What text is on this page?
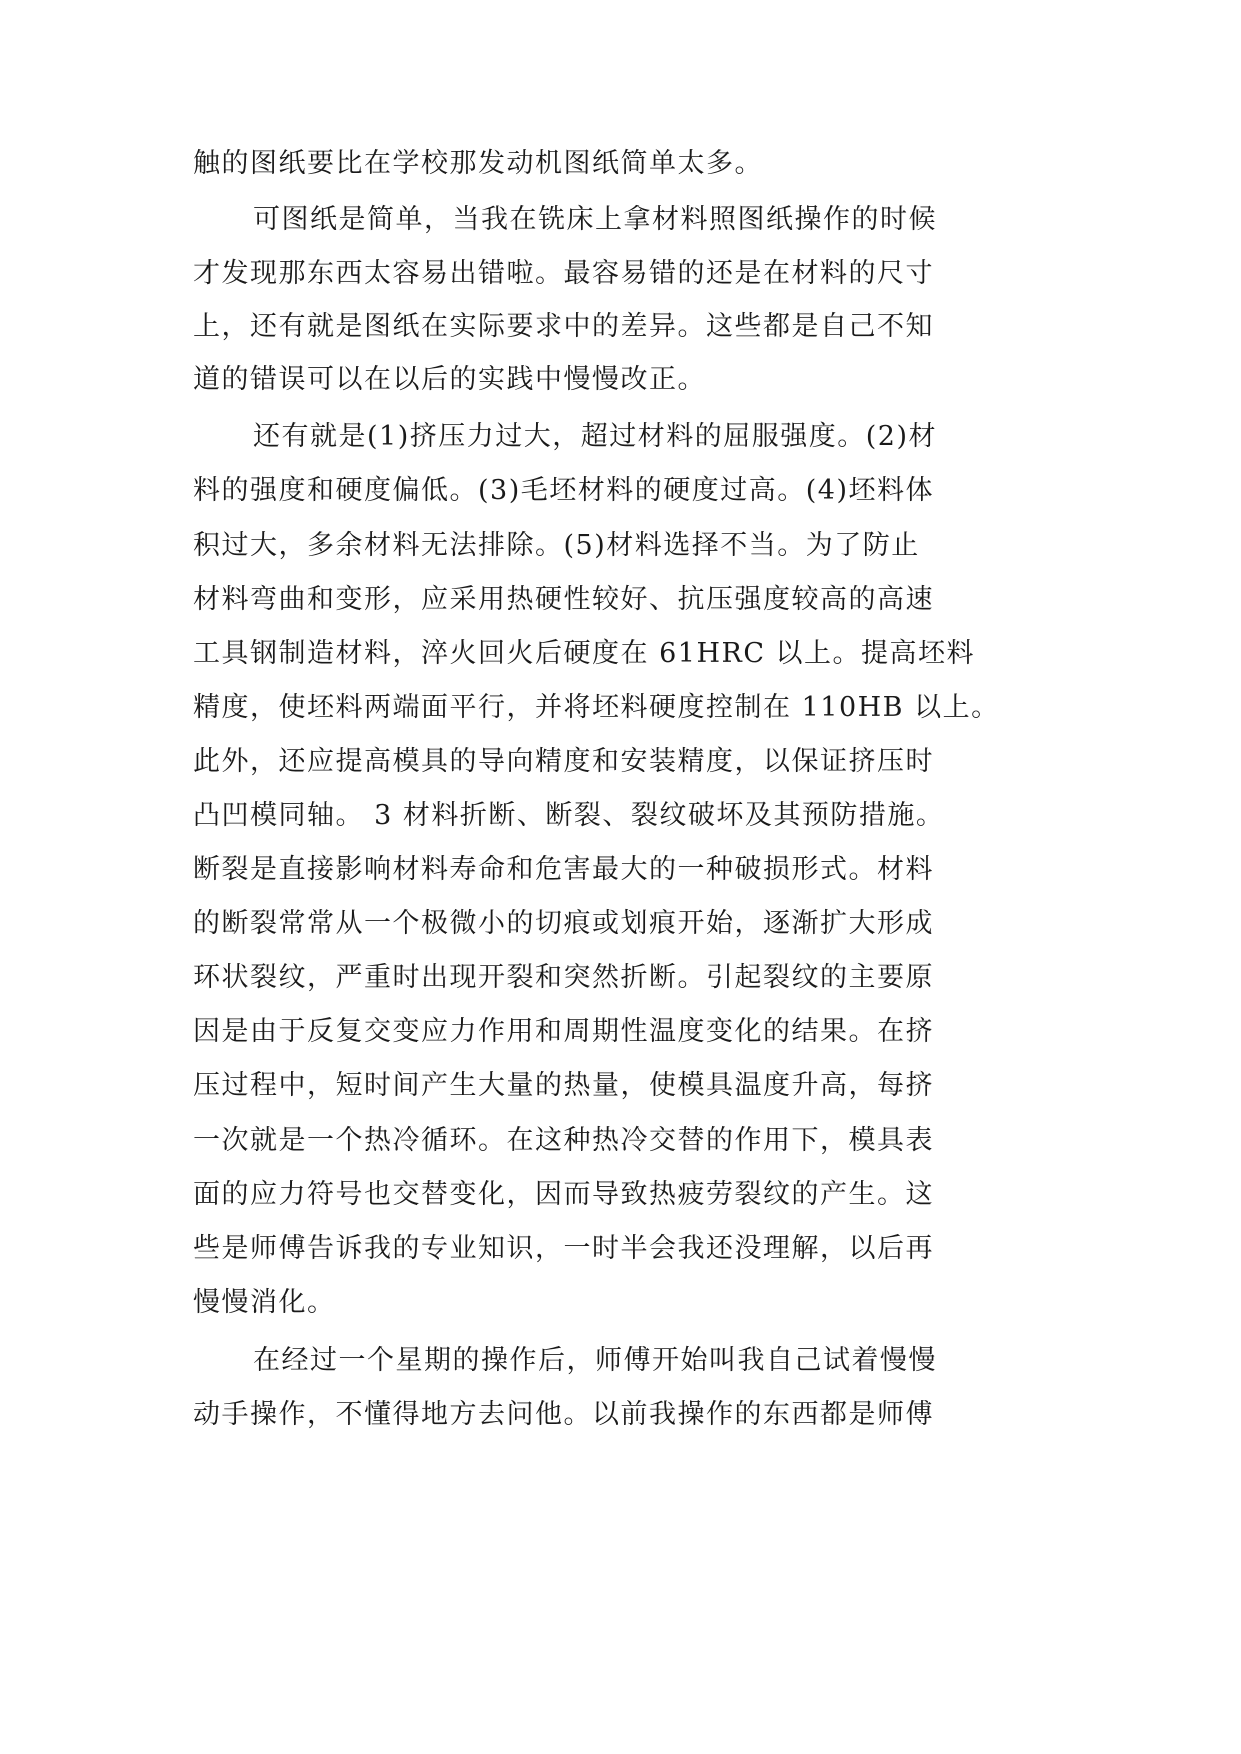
触的图纸要比在学校那发动机图纸简单太多。
可图纸是简单，当我在铣床上拿材料照图纸操作的时候
才发现那东西太容易出错啦。最容易错的还是在材料的尺寸
上，还有就是图纸在实际要求中的差异。这些都是自己不知
道的错误可以在以后的实践中慢慢改正。
还有就是(1)挤压力过大，超过材料的屈服强度。(2)材
料的强度和硬度偏低。(3)毛坯材料的硬度过高。(4)坯料体
积过大，多余材料无法排除。(5)材料选择不当。为了防止
材料弯曲和变形，应采用热硬性较好、抗压强度较高的高速
工具钢制造材料，淬火回火后硬度在 61HRC 以上。提高坯料
精度，使坯料两端面平行，并将坯料硬度控制在 110HB 以上。
此外，还应提高模具的导向精度和安装精度，以保证挤压时
凸凹模同轴。 3 材料折断、断裂、裂纹破坏及其预防措施。
断裂是直接影响材料寿命和危害最大的一种破损形式。材料
的断裂常常从一个极微小的切痕或划痕开始，逐渐扩大形成
环状裂纹，严重时出现开裂和突然折断。引起裂纹的主要原
因是由于反复交变应力作用和周期性温度变化的结果。在挤
压过程中，短时间产生大量的热量，使模具温度升高，每挤
一次就是一个热冷循环。在这种热冷交替的作用下，模具表
面的应力符号也交替变化，因而导致热疲劳裂纹的产生。这
些是师傅告诉我的专业知识，一时半会我还没理解，以后再
慢慢消化。
在经过一个星期的操作后，师傅开始叫我自己试着慢慢
动手操作，不懂得地方去问他。以前我操作的东西都是师傅
